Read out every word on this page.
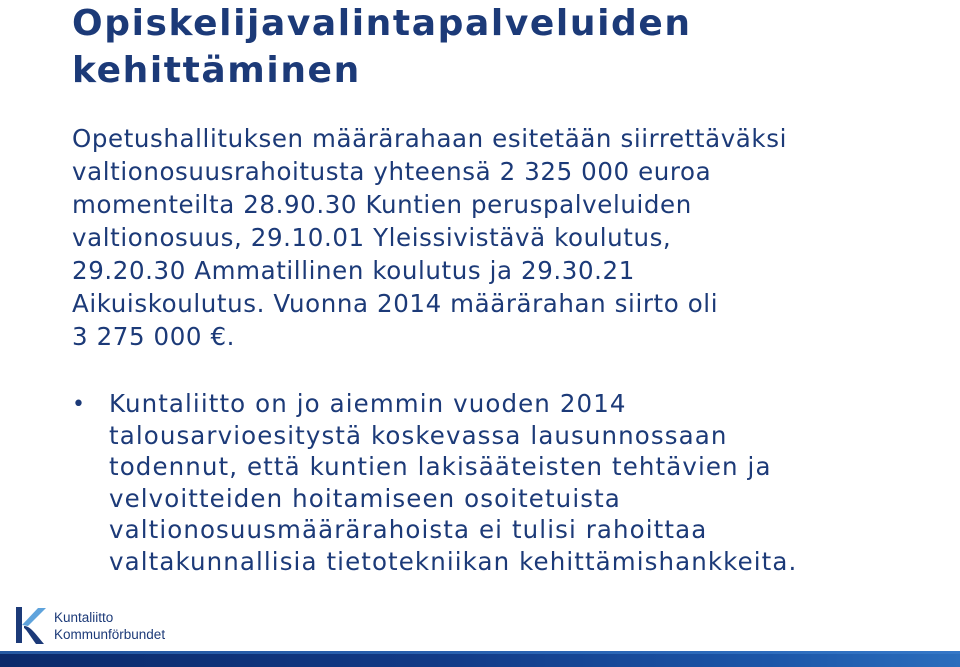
Opiskelijavalintapalveluiden
kehittäminen

Opetushallituksen määrärahaan esitetään siirrettäväksi
valtionosuusrahoitusta yhteensä 2 325 000 euroa
momenteilta 28.90.30 Kuntien peruspalveluiden
valtionosuus, 29.10.01 Yleissivistävä koulutus,
29.20.30 Ammatillinen koulutus ja 29.30.21
Aikuiskoulutus. Vuonna 2014 määrärahan siirto oli
3 275 000 €.

• Kuntaliitto on jo aiemmin vuoden 2014
talousarvioesitystä koskevassa lausunnossaan
todennut, että kuntien lakisääteisten tehtävien ja
velvoitteiden hoitamiseen osoitetuista
valtionosuusmäärärahoista ei tulisi rahoittaa
valtakunnallisia tietotekniikan kehittämishankkeita.

Kuntaliitto
Kommunförbundet
